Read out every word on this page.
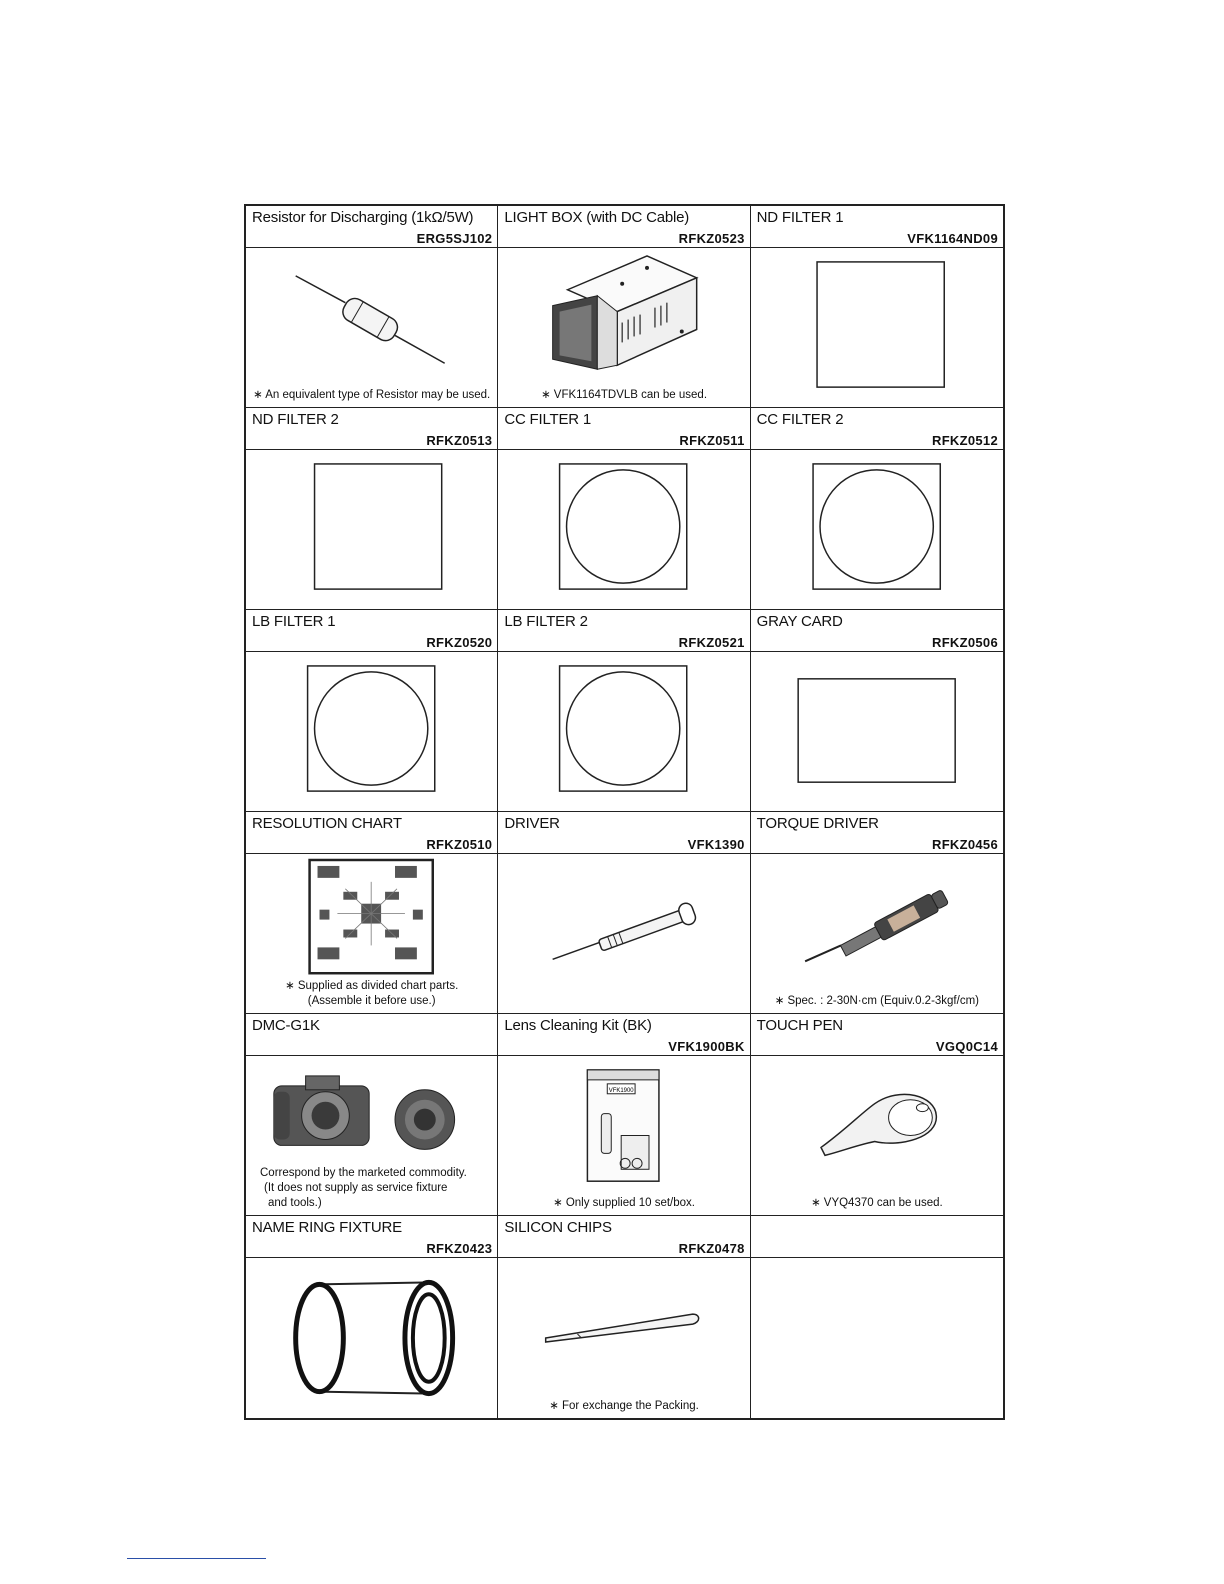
Resistor for Discharging (1kΩ/5W)
ERG5SJ102
∗ An equivalent type of Resistor may be used.
LIGHT BOX (with DC Cable)
RFKZ0523
∗ VFK1164TDVLB can be used.
ND FILTER 1
VFK1164ND09
ND FILTER 2
RFKZ0513
CC FILTER 1
RFKZ0511
CC FILTER 2
RFKZ0512
LB FILTER 1
RFKZ0520
LB FILTER 2
RFKZ0521
GRAY CARD
RFKZ0506
RESOLUTION CHART
RFKZ0510
∗ Supplied as divided chart parts.
(Assemble it before use.)
DRIVER
VFK1390
TORQUE DRIVER
RFKZ0456
∗ Spec. : 2-30N·cm (Equiv.0.2-3kgf/cm)
DMC-G1K
Correspond by the marketed commodity.
(It does not supply as service fixture
and tools.)
Lens Cleaning Kit (BK)
VFK1900BK
VFK1900
∗ Only supplied 10 set/box.
TOUCH PEN
VGQ0C14
∗ VYQ4370 can be used.
NAME RING FIXTURE
RFKZ0423
SILICON CHIPS
RFKZ0478
∗ For exchange the Packing.
